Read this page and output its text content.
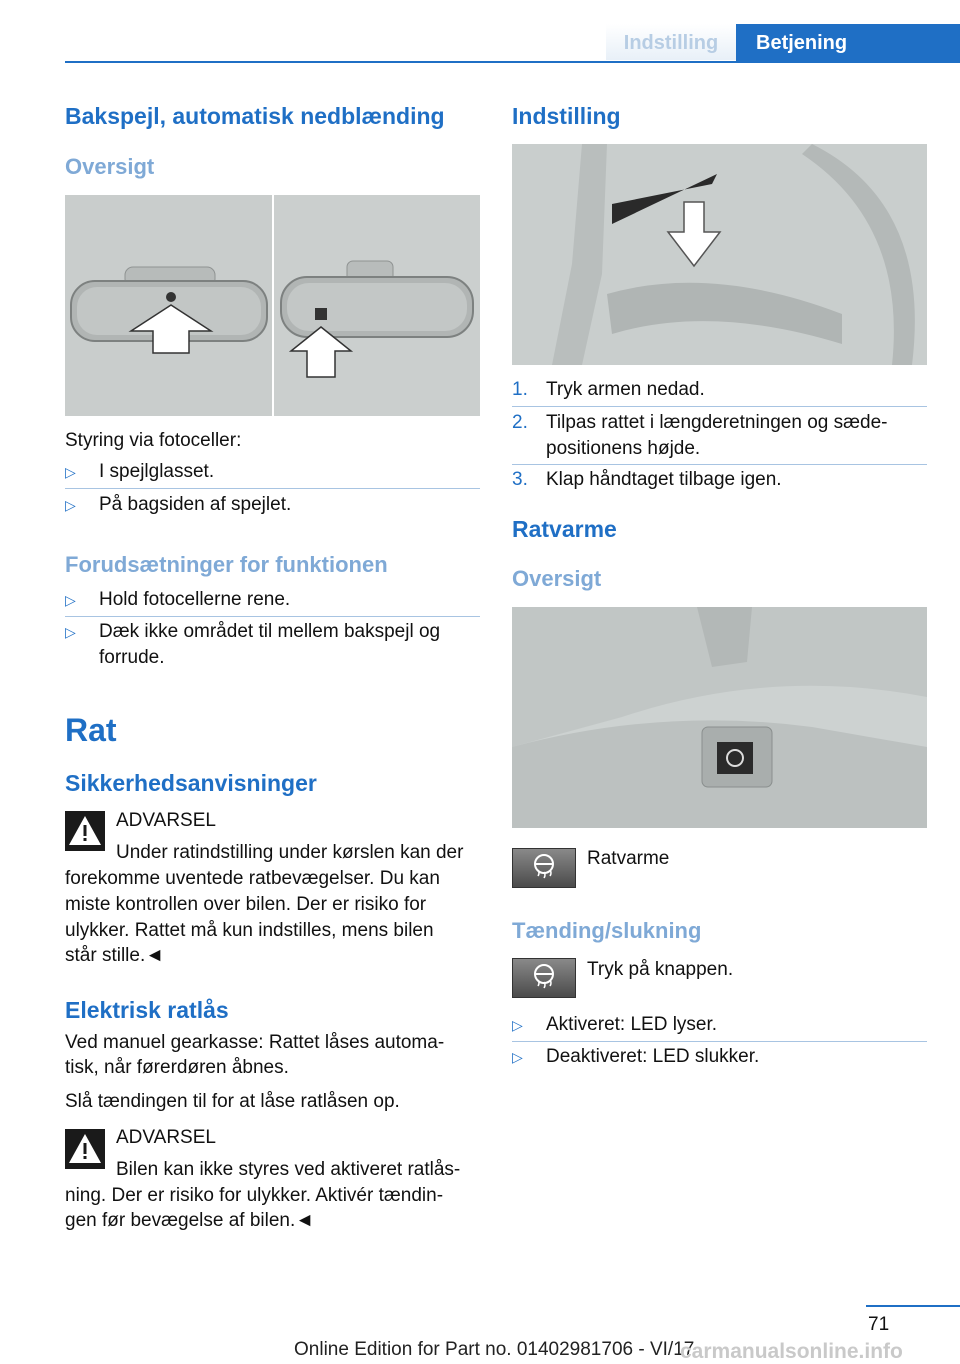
Indstilling	Betjening
Bakspejl, automatisk nedblænding
Oversigt

Styring via fotoceller:

▷ I spejlglasset.
▷ På bagsiden af spejlet.
Forudsætninger for funktionen
▷ Hold fotocellerne rene.
▷ Dæk ikke området til mellem bakspejl og
forrude.
Rat
Sikkerhedsanvisninger

ADVARSEL

Under ratindstilling under kørslen kan der

forekomme uventede ratbevægelser. Du kan

miste kontrollen over bilen. Der er risiko for

ulykker. Rattet må kun indstilles, mens bilen

står stille.◄

Elektrisk ratlås

Ved manuel gearkasse: Rattet låses automa‐

tisk, når førerdøren åbnes.

Slå tændingen til for at låse ratlåsen op.

ADVARSEL

Bilen kan ikke styres ved aktiveret ratlås‐

ning. Der er risiko for ulykker. Aktivér tændin‐

gen før bevægelse af bilen.◄

Indstilling
1. Tryk armen nedad.
2. Tilpas rattet i længderetningen og sæde‐
positionens højde.
3. Klap håndtaget tilbage igen.
Ratvarme
Oversigt

Ratvarme

Tænding/slukning

Tryk på knappen.

▷ Aktiveret: LED lyser.
▷ Deaktiveret: LED slukker.
71
Online Edition for Part no. 01402981706 - VI/17
carmanualsonline.info
